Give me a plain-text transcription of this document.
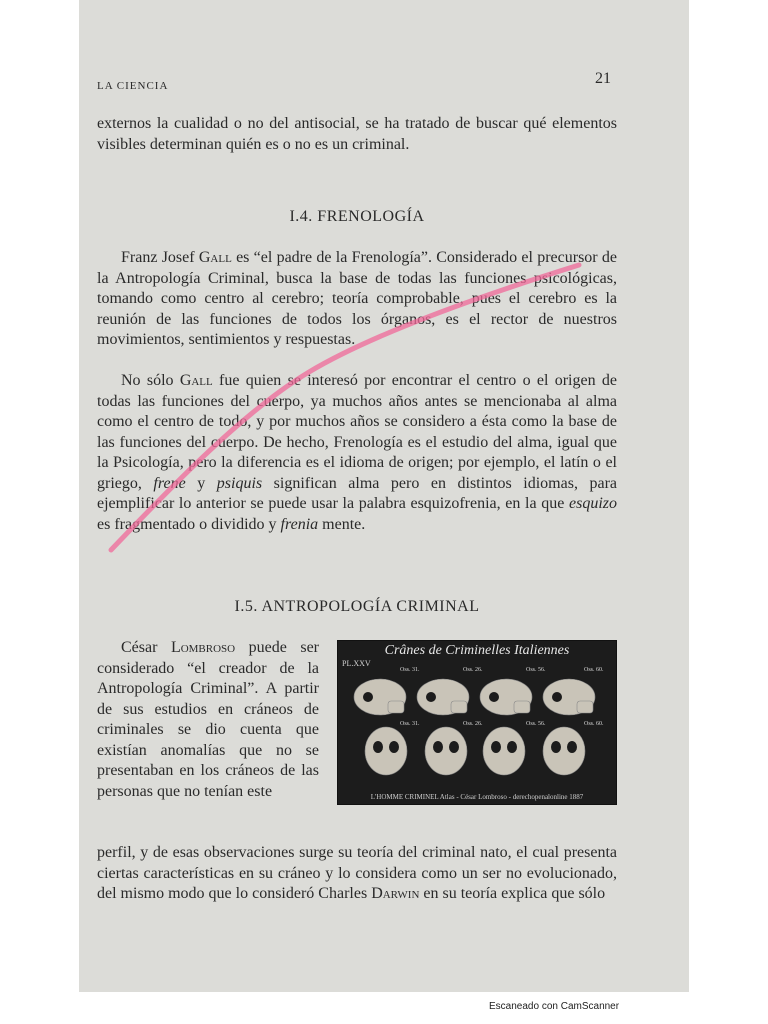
LA CIENCIA	21

externos la cualidad o no del antisocial, se ha tratado de buscar qué elementos visibles determinan quién es o no es un criminal.

I.4. FRENOLOGÍA

Franz Josef Gall es “el padre de la Frenología”. Considerado el precursor de la Antropología Criminal, busca la base de todas las funciones psicológicas, tomando como centro al cerebro; teoría comprobable, pues el cerebro es la reunión de las funciones de todos los órganos, es el rector de nuestros movimientos, sentimientos y respuestas.

No sólo Gall fue quien se interesó por encontrar el centro o el origen de todas las funciones del cuerpo, ya muchos años antes se mencionaba al alma como el centro de todo, y por muchos años se considero a ésta como la base de las funciones del cuerpo. De hecho, Frenología es el estudio del alma, igual que la Psicología, pero la diferencia es el idioma de origen; por ejemplo, el latín o el griego, frene y psiquis significan alma pero en distintos idiomas, para ejemplificar lo anterior se puede usar la palabra esquizofrenia, en la que esquizo es fragmentado o dividido y frenia mente.

I.5. ANTROPOLOGÍA CRIMINAL

César Lombroso puede ser considerado “el creador de la Antropología Criminal”. A partir de sus estudios en cráneos de criminales se dio cuenta que existían anomalías que no se presentaban en los cráneos de las personas que no tenían este

perfil, y de esas observaciones surge su teoría del criminal nato, el cual presenta ciertas características en su cráneo y lo considera como un ser no evolucionado, del mismo modo que lo consideró Charles Darwin en su teoría explica que sólo

Crânes de Criminelles Italiennes
PL.XXV
Oss. 31.	Oss. 26.	Oss. 56.	Oss. 60.
Oss. 31.	Oss. 26.	Oss. 56.	Oss. 60.
L'HOMME CRIMINEL Atlas - César Lombroso - derechopenalonline 1887
Escaneado con CamScanner
